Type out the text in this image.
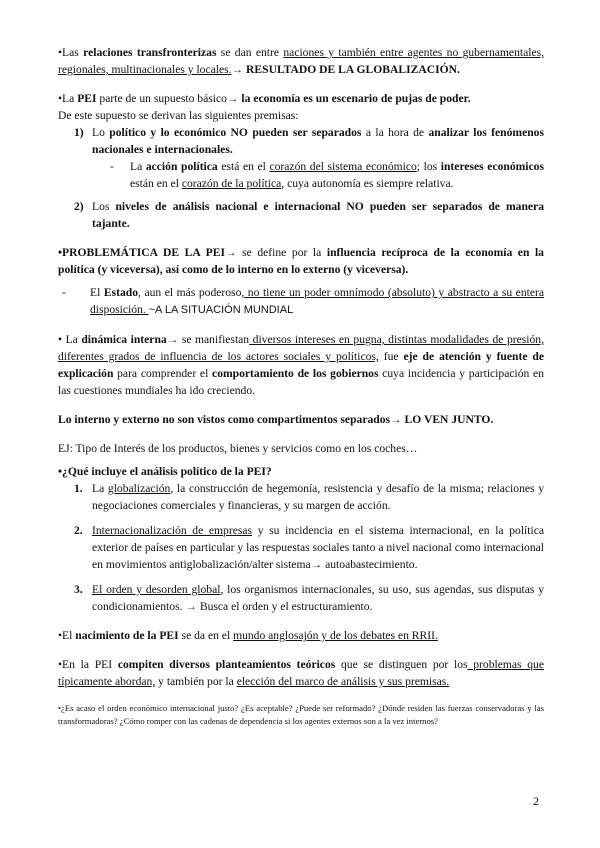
•Las relaciones transfronterizas se dan entre naciones y también entre agentes no gubernamentales, regionales, multinacionales y locales.→ RESULTADO DE LA GLOBALIZACIÓN.

•La PEI parte de un supuesto básico→ la economía es un escenario de pujas de poder.

De este supuesto se derivan las siguientes premisas:

1) Lo político y lo económico NO pueden ser separados a la hora de analizar los fenómenos nacionales e internacionales.

- La acción política está en el corazón del sistema económico; los intereses económicos están en el corazón de la política, cuya autonomía es siempre relativa.

2) Los niveles de análisis nacional e internacional NO pueden ser separados de manera tajante.

•PROBLEMÁTICA DE LA PEI→ se define por la influencia recíproca de la economía en la política (y viceversa), así como de lo interno en lo externo (y viceversa).

- El Estado, aun el más poderoso, no tiene un poder omnímodo (absoluto) y abstracto a su entera disposición. ~A LA SITUACIÓN MUNDIAL

• La dinámica interna→ se manifiestan diversos intereses en pugna, distintas modalidades de presión, diferentes grados de influencia de los actores sociales y políticos, fue eje de atención y fuente de explicación para comprender el comportamiento de los gobiernos cuya incidencia y participación en las cuestiones mundiales ha ido creciendo.

Lo interno y externo no son vistos como compartimentos separados→ LO VEN JUNTO.

EJ: Tipo de Interés de los productos, bienes y servicios como en los coches…

•¿Qué incluye el análisis político de la PEI?

1. La globalización, la construcción de hegemonía, resistencia y desafío de la misma; relaciones y negociaciones comerciales y financieras, y su margen de acción.
2. Internacionalización de empresas y su incidencia en el sistema internacional, en la política exterior de países en particular y las respuestas sociales tanto a nivel nacional como internacional en movimientos antiglobalización/alter sistema→ autoabastecimiento.
3. El orden y desorden global, los organismos internacionales, su uso, sus agendas, sus disputas y condicionamientos. → Busca el orden y el estructuramiento.

•El nacimiento de la PEI se da en el mundo anglosajón y de los debates en RRII.

•En la PEI compiten diversos planteamientos teóricos que se distinguen por los problemas que típicamente abordan, y también por la elección del marco de análisis y sus premisas.

•¿Es acaso el orden económico internacional justo? ¿Es aceptable? ¿Puede ser reformado? ¿Dónde residen las fuerzas conservadoras y las transformadoras? ¿Cómo romper con las cadenas de dependencia si los agentes externos son a la vez internos?

2
